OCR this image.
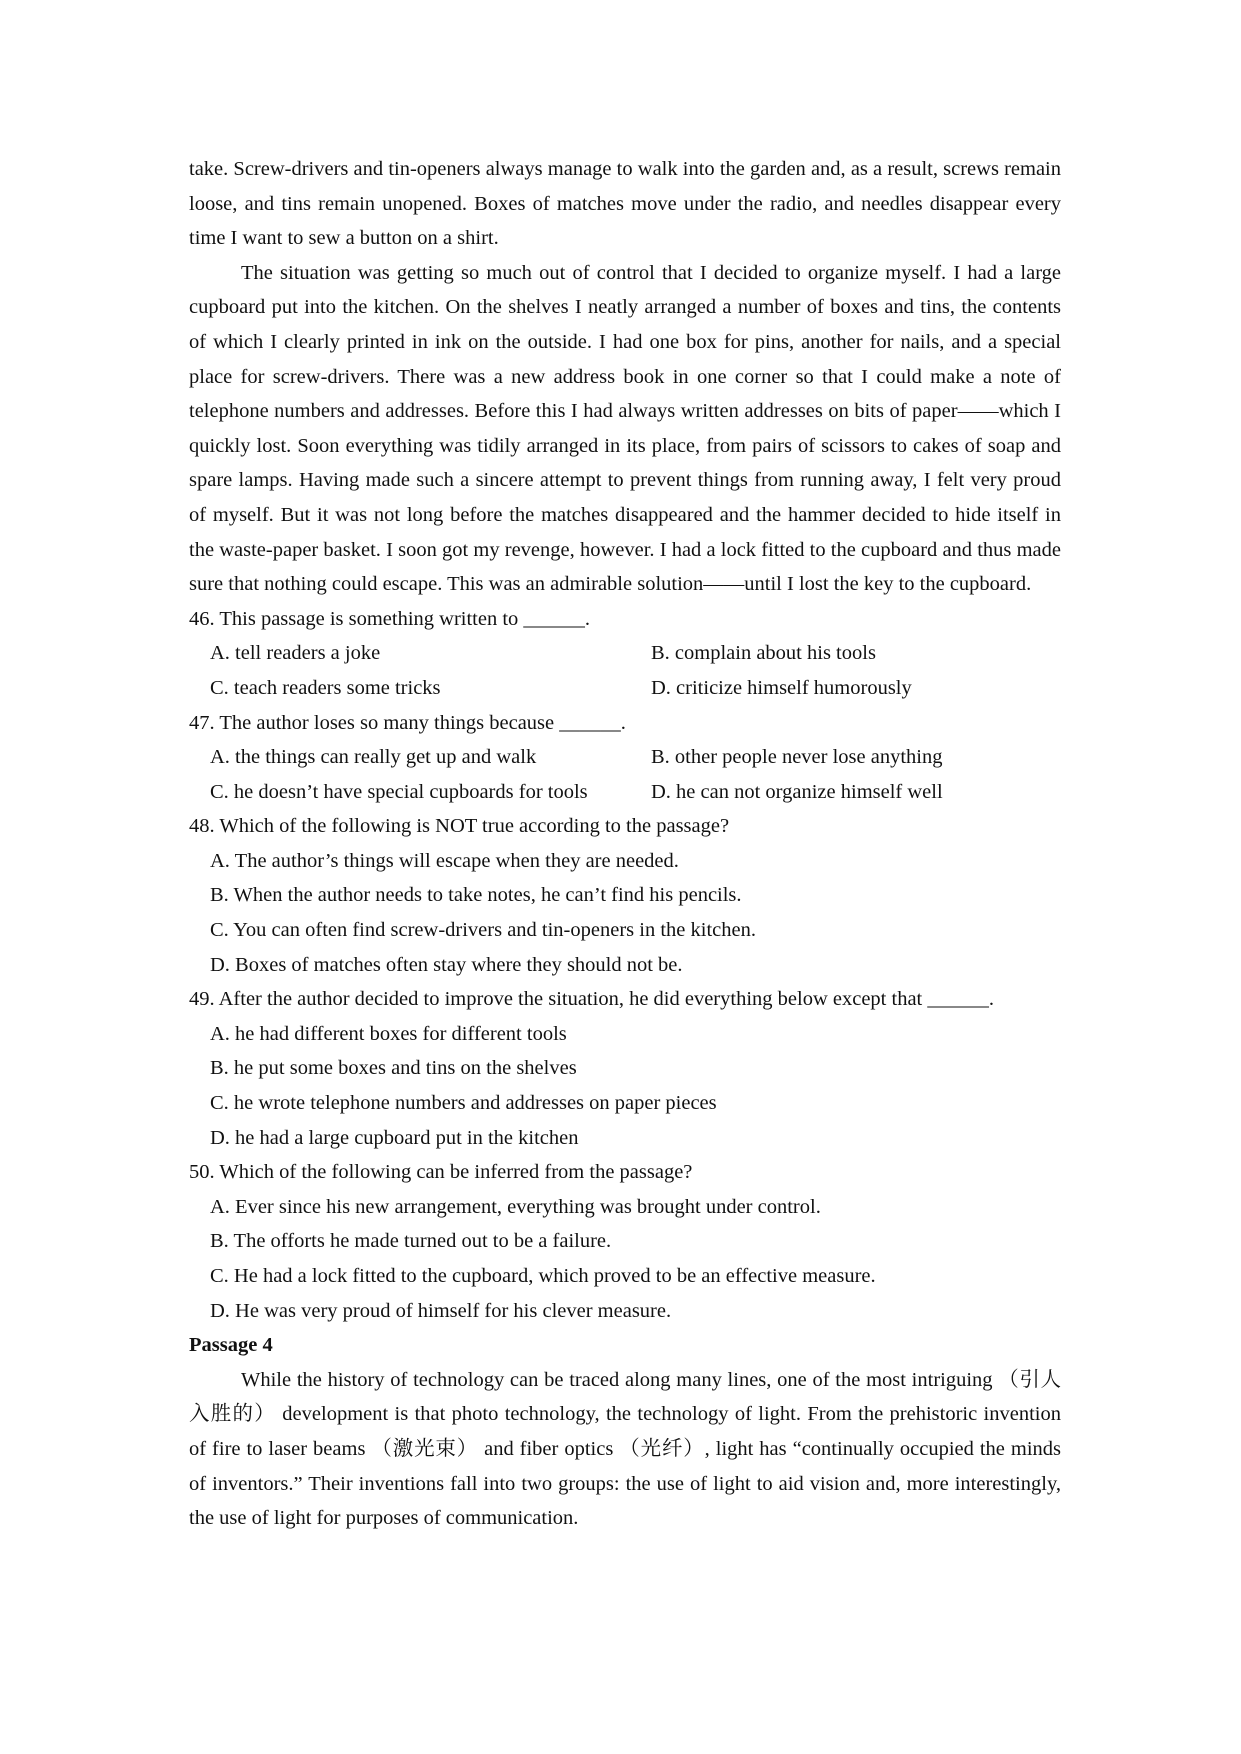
take. Screw-drivers and tin-openers always manage to walk into the garden and, as a result, screws remain loose, and tins remain unopened. Boxes of matches move under the radio, and needles disappear every time I want to sew a button on a shirt.

The situation was getting so much out of control that I decided to organize myself. I had a large cupboard put into the kitchen. On the shelves I neatly arranged a number of boxes and tins, the contents of which I clearly printed in ink on the outside. I had one box for pins, another for nails, and a special place for screw-drivers. There was a new address book in one corner so that I could make a note of telephone numbers and addresses. Before this I had always written addresses on bits of paper——which I quickly lost. Soon everything was tidily arranged in its place, from pairs of scissors to cakes of soap and spare lamps. Having made such a sincere attempt to prevent things from running away, I felt very proud of myself. But it was not long before the matches disappeared and the hammer decided to hide itself in the waste-paper basket. I soon got my revenge, however. I had a lock fitted to the cupboard and thus made sure that nothing could escape. This was an admirable solution——until I lost the key to the cupboard.

46. This passage is something written to ______.

A. tell readers a joke	B. complain about his tools
C. teach readers some tricks	D. criticize himself humorously

47. The author loses so many things because ______.

A. the things can really get up and walk	B. other people never lose anything
C. he doesn’t have special cupboards for tools	D. he can not organize himself well

48. Which of the following is NOT true according to the passage?

A. The author’s things will escape when they are needed.

B. When the author needs to take notes, he can’t find his pencils.

C. You can often find screw-drivers and tin-openers in the kitchen.

D. Boxes of matches often stay where they should not be.

49. After the author decided to improve the situation, he did everything below except that ______.

A. he had different boxes for different tools

B. he put some boxes and tins on the shelves

C. he wrote telephone numbers and addresses on paper pieces

D. he had a large cupboard put in the kitchen

50. Which of the following can be inferred from the passage?

A. Ever since his new arrangement, everything was brought under control.

B. The offorts he made turned out to be a failure.

C. He had a lock fitted to the cupboard, which proved to be an effective measure.

D. He was very proud of himself for his clever measure.

Passage 4

While the history of technology can be traced along many lines, one of the most intriguing （引人入胜的） development is that photo technology, the technology of light. From the prehistoric invention of fire to laser beams （激光束） and fiber optics （光纤）, light has “continually occupied the minds of inventors.” Their inventions fall into two groups: the use of light to aid vision and, more interestingly, the use of light for purposes of communication.
